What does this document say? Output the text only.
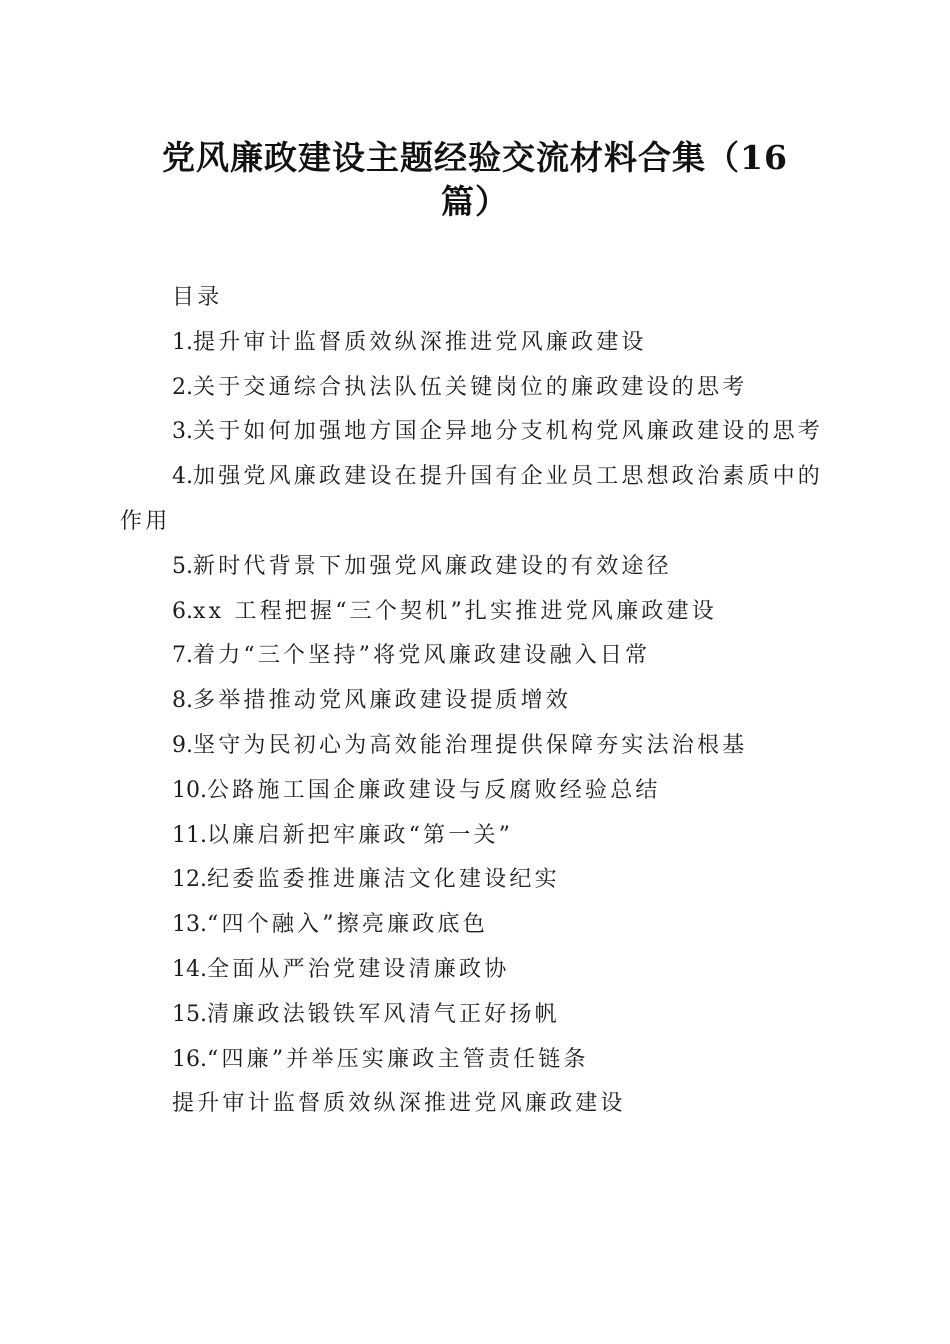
党风廉政建设主题经验交流材料合集（16
篇）

目录

1.提升审计监督质效纵深推进党风廉政建设
2.关于交通综合执法队伍关键岗位的廉政建设的思考
3.关于如何加强地方国企异地分支机构党风廉政建设的思考
4.加强党风廉政建设在提升国有企业员工思想政治素质中的作用
5.新时代背景下加强党风廉政建设的有效途径
6.xx 工程把握“三个契机”扎实推进党风廉政建设
7.着力“三个坚持”将党风廉政建设融入日常
8.多举措推动党风廉政建设提质增效
9.坚守为民初心为高效能治理提供保障夯实法治根基
10.公路施工国企廉政建设与反腐败经验总结
11.以廉启新把牢廉政“第一关”
12.纪委监委推进廉洁文化建设纪实
13.“四个融入”擦亮廉政底色
14.全面从严治党建设清廉政协
15.清廉政法锻铁军风清气正好扬帆
16.“四廉”并举压实廉政主管责任链条

提升审计监督质效纵深推进党风廉政建设
